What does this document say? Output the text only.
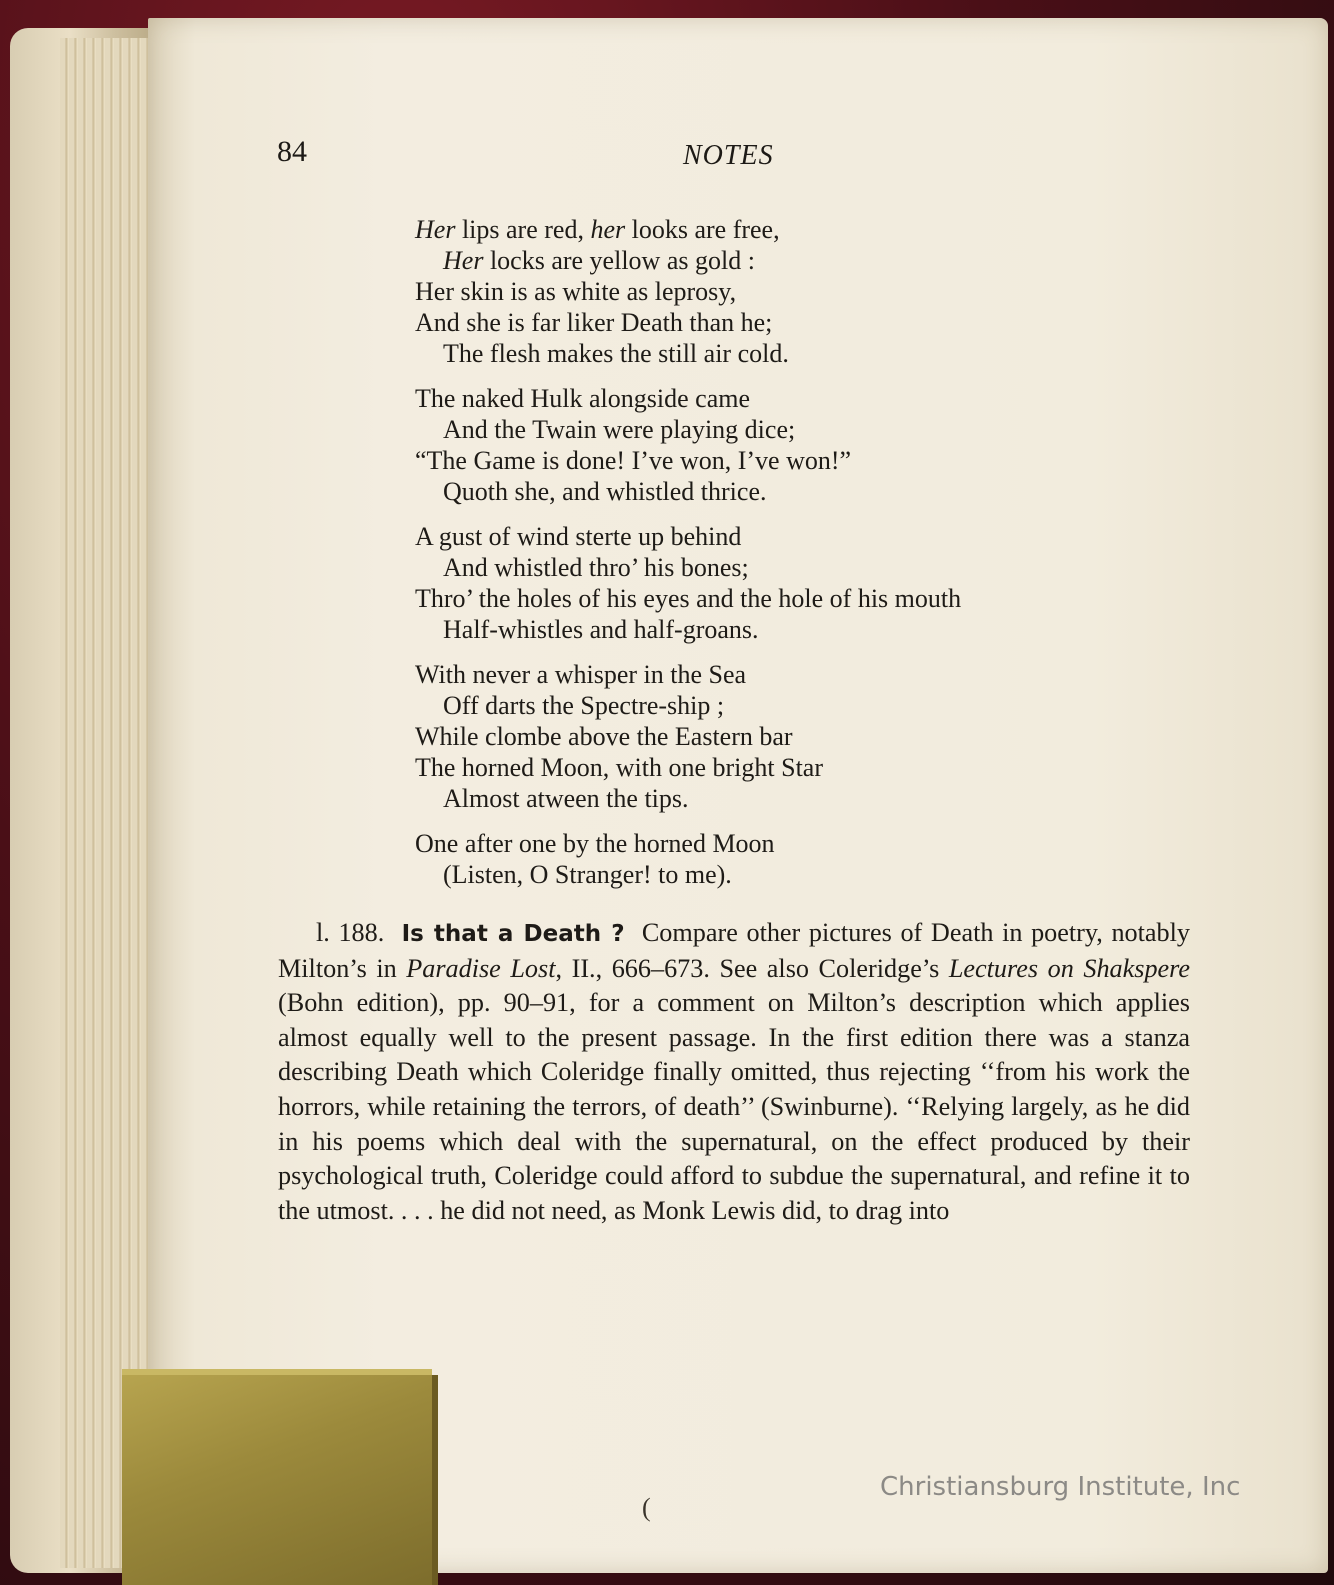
84	NOTES
Her lips are red, her looks are free,
Her locks are yellow as gold :
Her skin is as white as leprosy,
And she is far liker Death than he;
The flesh makes the still air cold.
The naked Hulk alongside came
And the Twain were playing dice;
“The Game is done! I’ve won, I’ve won!”
Quoth she, and whistled thrice.
A gust of wind sterte up behind
And whistled thro’ his bones;
Thro’ the holes of his eyes and the hole of his mouth
Half-whistles and half-groans.
With never a whisper in the Sea
Off darts the Spectre-ship ;
While clombe above the Eastern bar
The horned Moon, with one bright Star
Almost atween the tips.
One after one by the horned Moon
(Listen, O Stranger! to me).
l. 188. Is that a Death ? Compare other pictures of Death in poetry, notably Milton’s in Paradise Lost, II., 666–673. See also Coleridge’s Lectures on Shakspere (Bohn edition), pp. 90–91, for a comment on Milton’s description which applies almost equally well to the present passage. In the first edition there was a stanza describing Death which Coleridge finally omitted, thus rejecting ‘‘from his work the horrors, while retaining the terrors, of death’’ (Swinburne). ‘‘Relying largely, as he did in his poems which deal with the supernatural, on the effect produced by their psychological truth, Coleridge could afford to subdue the supernatural, and refine it to the utmost. . . . he did not need, as Monk Lewis did, to drag into
(
Christiansburg Institute, Inc
